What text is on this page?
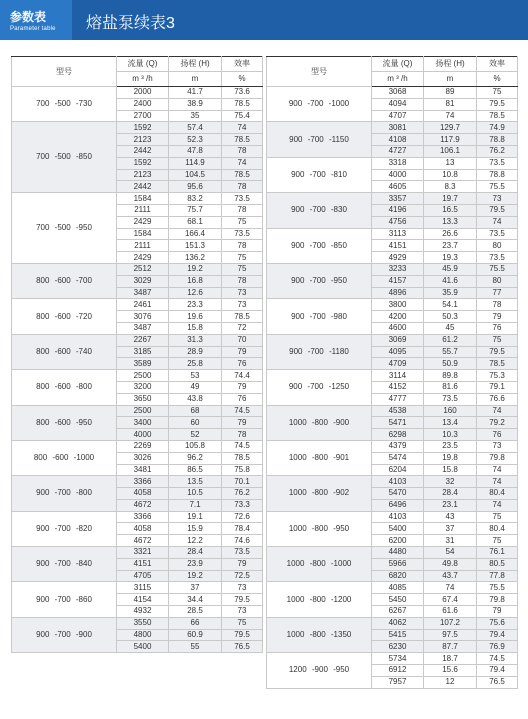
参数表
Parameter table 熔盐泵续表3
型号	流量 (Q)	扬程 (H)	效率
	m ³ /h	m	%
700 -500 -730	2000	41.7	73.6
	2400	38.9	78.5
	2700	35	75.4
700 -500 -850	1592	57.4	74
	2123	52.3	78.5
	2442	47.8	78
	1592	114.9	74
	2123	104.5	78.5
	2442	95.6	78
700 -500 -950	1584	83.2	73.5
	2111	75.7	78
	2429	68.1	75
	1584	166.4	73.5
	2111	151.3	78
	2429	136.2	75
800 -600 -700	2512	19.2	75
	3029	16.8	78
	3487	12.6	73
800 -600 -720	2461	23.3	73
	3076	19.6	78.5
	3487	15.8	72
800 -600 -740	2267	31.3	70
	3185	28.9	79
	3589	25.8	76
800 -600 -800	2500	53	74.4
	3200	49	79
	3650	43.8	76
800 -600 -950	2500	68	74.5
	3400	60	79
	4000	52	78
800 -600 -1000	2269	105.8	74.5
	3026	96.2	78.5
	3481	86.5	75.8
900 -700 -800	3366	13.5	70.1
	4058	10.5	76.2
	4672	7.1	73.3
900 -700 -820	3366	19.1	72.6
	4058	15.9	78.4
	4672	12.2	74.6
900 -700 -840	3321	28.4	73.5
	4151	23.9	79
	4705	19.2	72.5
900 -700 -860	3115	37	73
	4154	34.4	79.5
	4932	28.5	73
900 -700 -900	3550	66	75
	4800	60.9	79.5
	5400	55	76.5
型号	流量 (Q)	扬程 (H)	效率
	m ³ /h	m	%
900 -700 -1000	3068	89	75
	4094	81	79.5
	4707	74	78.5
900 -700 -1150	3081	129.7	74.9
	4108	117.9	78.8
	4727	106.1	76.2
900 -700 -810	3318	13	73.5
	4000	10.8	78.8
	4605	8.3	75.5
900 -700 -830	3357	19.7	73
	4196	16.5	79.5
	4756	13.3	74
900 -700 -850	3113	26.6	73.5
	4151	23.7	80
	4929	19.3	73.5
900 -700 -950	3233	45.9	75.5
	4157	41.6	80
	4896	35.9	77
900 -700 -980	3800	54.1	78
	4200	50.3	79
	4600	45	76
900 -700 -1180	3069	61.2	75
	4095	55.7	79.5
	4709	50.9	78.5
900 -700 -1250	3114	89.8	75.3
	4152	81.6	79.1
	4777	73.5	76.6
1000 -800 -900	4538	160	74
	5471	13.4	79.2
	6298	10.3	76
1000 -800 -901	4379	23.5	73
	5474	19.8	79.8
	6204	15.8	74
1000 -800 -902	4103	32	74
	5470	28.4	80.4
	6496	23.1	74
1000 -800 -950	4103	43	75
	5400	37	80.4
	6200	31	75
1000 -800 -1000	4480	54	76.1
	5966	49.8	80.5
	6820	43.7	77.8
1000 -800 -1200	4085	74	75.5
	5450	67.4	79.8
	6267	61.6	79
1000 -800 -1350	4062	107.2	75.6
	5415	97.5	79.4
	6230	87.7	76.9
1200 -900 -950	5734	18.7	74.5
	6912	15.6	79.4
	7957	12	76.5
